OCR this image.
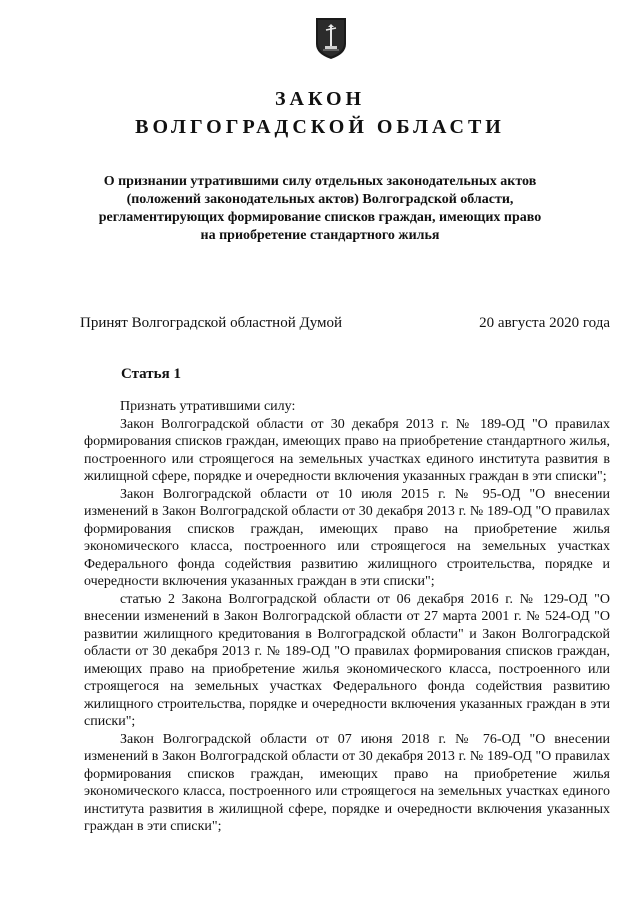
ЗАКОН
ВОЛГОГРАДСКОЙ ОБЛАСТИ

О признании утратившими силу отдельных законодательных актов (положений законодательных актов) Волгоградской области, регламентирующих формирование списков граждан, имеющих право на приобретение стандартного жилья

Принят Волгоградской областной Думой	20 августа 2020 года
Статья 1

Признать утратившими силу:

Закон Волгоградской области от 30 декабря 2013 г. № 189-ОД "О правилах формирования списков граждан, имеющих право на приобретение стандартного жилья, построенного или строящегося на земельных участках единого института развития в жилищной сфере, порядке и очередности включения указанных граждан в эти списки";

Закон Волгоградской области от 10 июля 2015 г. № 95-ОД "О внесении изменений в Закон Волгоградской области от 30 декабря 2013 г. № 189-ОД "О правилах формирования списков граждан, имеющих право на приобретение жилья экономического класса, построенного или строящегося на земельных участках Федерального фонда содействия развитию жилищного строительства, порядке и очередности включения указанных граждан в эти списки";

статью 2 Закона Волгоградской области от 06 декабря 2016 г. № 129-ОД "О внесении изменений в Закон Волгоградской области от 27 марта 2001 г. № 524-ОД "О развитии жилищного кредитования в Волгоградской области" и Закон Волгоградской области от 30 декабря 2013 г. № 189-ОД "О правилах формирования списков граждан, имеющих право на приобретение жилья экономического класса, построенного или строящегося на земельных участках Федерального фонда содействия развитию жилищного строительства, порядке и очередности включения указанных граждан в эти списки";

Закон Волгоградской области от 07 июня 2018 г. № 76-ОД "О внесении изменений в Закон Волгоградской области от 30 декабря 2013 г. № 189-ОД "О правилах формирования списков граждан, имеющих право на приобретение жилья экономического класса, построенного или строящегося на земельных участках единого института развития в жилищной сфере, порядке и очередности включения указанных граждан в эти списки";
